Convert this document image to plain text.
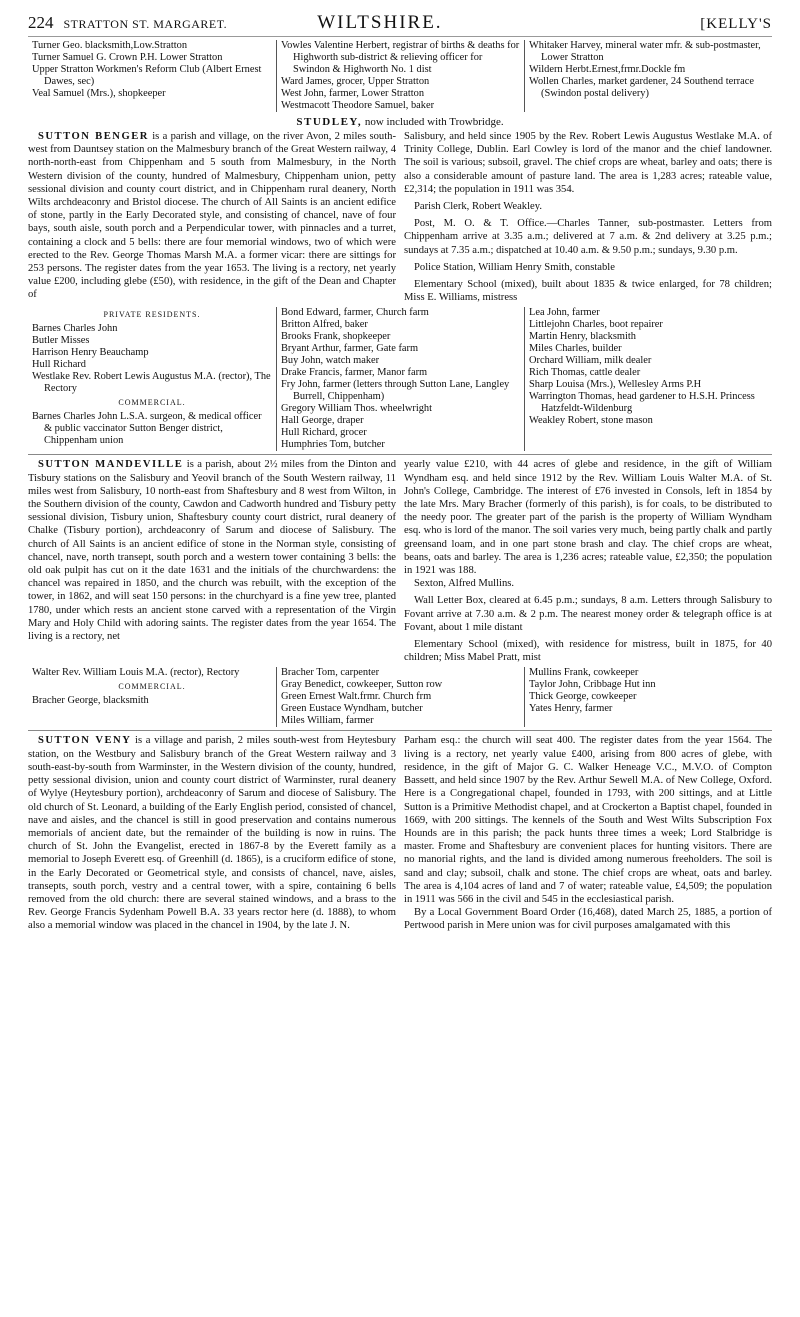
224 STRATTON ST. MARGARET.	WILTSHIRE.	[KELLY'S
Turner Geo. blacksmith,Low.Stratton
Turner Samuel G. Crown P.H. Lower Stratton
Upper Stratton Workmen's Reform Club (Albert Ernest Dawes, sec)
Veal Samuel (Mrs.), shopkeeper
Vowles Valentine Herbert, registrar of births & deaths for Highworth sub-district & relieving officer for Swindon & Highworth No. 1 dist
Ward James, grocer, Upper Stratton
West John, farmer, Lower Stratton
Westmacott Theodore Samuel, baker
Whitaker Harvey, mineral water mfr. & sub-postmaster, Lower Stratton
Wildern Herbt.Ernest,frmr.Dockle fm
Wollen Charles, market gardener, 24 Southend terrace (Swindon postal delivery)
STUDLEY, now included with Trowbridge.

SUTTON BENGER is a parish and village, on the river Avon, 2 miles south-west from Dauntsey station on the Malmesbury branch of the Great Western railway, 4 north-north-east from Chippenham and 5 south from Malmesbury, in the North Western division of the county, hundred of Malmesbury, Chippenham union, petty sessional division and county court district, and in Chippenham rural deanery, North Wilts archdeaconry and Bristol diocese. The church of All Saints is an ancient edifice of stone, partly in the Early Decorated style, and consisting of chancel, nave of four bays, south aisle, south porch and a Perpendicular tower, with pinnacles and a turret, containing a clock and 5 bells: there are four memorial windows, two of which were erected to the Rev. George Thomas Marsh M.A. a former vicar: there are sittings for 253 persons. The register dates from the year 1653. The living is a rectory, net yearly value £200, including glebe (£50), with residence, in the gift of the Dean and Chapter of

Salisbury, and held since 1905 by the Rev. Robert Lewis Augustus Westlake M.A. of Trinity College, Dublin. Earl Cowley is lord of the manor and the chief landowner. The soil is various; subsoil, gravel. The chief crops are wheat, barley and oats; there is also a considerable amount of pasture land. The area is 1,283 acres; rateable value, £2,314; the population in 1911 was 354.

Parish Clerk, Robert Weakley.

Post, M. O. & T. Office.—Charles Tanner, sub-postmaster. Letters from Chippenham arrive at 3.35 a.m.; delivered at 7 a.m. & 2nd delivery at 3.25 p.m.; sundays at 7.35 a.m.; dispatched at 10.40 a.m. & 9.50 p.m.; sundays, 9.30 p.m.

Police Station, William Henry Smith, constable

Elementary School (mixed), built about 1835 & twice enlarged, for 78 children; Miss E. Williams, mistress

PRIVATE RESIDENTS.
Barnes Charles John
Butler Misses
Harrison Henry Beauchamp
Hull Richard
Westlake Rev. Robert Lewis Augustus M.A. (rector), The Rectory
COMMERCIAL.
Barnes Charles John L.S.A. surgeon, & medical officer & public vaccinator Sutton Benger district, Chippenham union
Bond Edward, farmer, Church farm
Britton Alfred, baker
Brooks Frank, shopkeeper
Bryant Arthur, farmer, Gate farm
Buy John, watch maker
Drake Francis, farmer, Manor farm
Fry John, farmer (letters through Sutton Lane, Langley Burrell, Chippenham)
Gregory William Thos. wheelwright
Hall George, draper
Hull Richard, grocer
Humphries Tom, butcher
Lea John, farmer
Littlejohn Charles, boot repairer
Martin Henry, blacksmith
Miles Charles, builder
Orchard William, milk dealer
Rich Thomas, cattle dealer
Sharp Louisa (Mrs.), Wellesley Arms P.H
Warrington Thomas, head gardener to H.S.H. Princess Hatzfeldt-Wildenburg
Weakley Robert, stone mason

SUTTON MANDEVILLE is a parish, about 2½ miles from the Dinton and Tisbury stations on the Salisbury and Yeovil branch of the South Western railway, 11 miles west from Salisbury, 10 north-east from Shaftesbury and 8 west from Wilton, in the Southern division of the county, Cawdon and Cadworth hundred and Tisbury petty sessional division, Tisbury union, Shaftesbury county court district, rural deanery of Chalke (Tisbury portion), archdeaconry of Sarum and diocese of Salisbury. The church of All Saints is an ancient edifice of stone in the Norman style, consisting of chancel, nave, north transept, south porch and a western tower containing 3 bells: the old oak pulpit has cut on it the date 1631 and the initials of the churchwardens: the chancel was repaired in 1850, and the church was rebuilt, with the exception of the tower, in 1862, and will seat 150 persons: in the churchyard is a fine yew tree, planted 1780, under which rests an ancient stone carved with a representation of the Virgin Mary and Holy Child with adoring saints. The register dates from the year 1654. The living is a rectory, net

yearly value £210, with 44 acres of glebe and residence, in the gift of William Wyndham esq. and held since 1912 by the Rev. William Louis Walter M.A. of St. John's College, Cambridge. The interest of £76 invested in Consols, left in 1854 by the late Mrs. Mary Bracher (formerly of this parish), is for coals, to be distributed to the needy poor. The greater part of the parish is the property of William Wyndham esq. who is lord of the manor. The soil varies very much, being partly chalk and partly greensand loam, and in one part stone brash and clay. The chief crops are wheat, beans, oats and barley. The area is 1,236 acres; rateable value, £2,350; the population in 1921 was 188.

Sexton, Alfred Mullins.

Wall Letter Box, cleared at 6.45 p.m.; sundays, 8 a.m. Letters through Salisbury to Fovant arrive at 7.30 a.m. & 2 p.m. The nearest money order & telegraph office is at Fovant, about 1 mile distant

Elementary School (mixed), with residence for mistress, built in 1875, for 40 children; Miss Mabel Pratt, mist

Walter Rev. William Louis M.A. (rector), Rectory
COMMERCIAL.
Bracher George, blacksmith
Bracher Tom, carpenter
Gray Benedict, cowkeeper, Sutton row
Green Ernest Walt.frmr. Church frm
Green Eustace Wyndham, butcher
Miles William, farmer
Mullins Frank, cowkeeper
Taylor John, Cribbage Hut inn
Thick George, cowkeeper
Yates Henry, farmer

SUTTON VENY is a village and parish, 2 miles south-west from Heytesbury station, on the Westbury and Salisbury branch of the Great Western railway and 3 south-east-by-south from Warminster, in the Western division of the county, hundred, petty sessional division, union and county court district of Warminster, rural deanery of Wylye (Heytesbury portion), archdeaconry of Sarum and diocese of Salisbury. The old church of St. Leonard, a building of the Early English period, consisted of chancel, nave and aisles, and the chancel is still in good preservation and contains numerous memorials of ancient date, but the remainder of the building is now in ruins. The church of St. John the Evangelist, erected in 1867-8 by the Everett family as a memorial to Joseph Everett esq. of Greenhill (d. 1865), is a cruciform edifice of stone, in the Early Decorated or Geometrical style, and consists of chancel, nave, aisles, transepts, south porch, vestry and a central tower, with a spire, containing 6 bells removed from the old church: there are several stained windows, and a brass to the Rev. George Francis Sydenham Powell B.A. 33 years rector here (d. 1888), to whom also a memorial window was placed in the chancel in 1904, by the late J. N.

Parham esq.: the church will seat 400. The register dates from the year 1564. The living is a rectory, net yearly value £400, arising from 800 acres of glebe, with residence, in the gift of Major G. C. Walker Heneage V.C., M.V.O. of Compton Bassett, and held since 1907 by the Rev. Arthur Sewell M.A. of New College, Oxford. Here is a Congregational chapel, founded in 1793, with 200 sittings, and at Little Sutton is a Primitive Methodist chapel, and at Crockerton a Baptist chapel, founded in 1669, with 200 sittings. The kennels of the South and West Wilts Subscription Fox Hounds are in this parish; the pack hunts three times a week; Lord Stalbridge is master. Frome and Shaftesbury are convenient places for hunting visitors. There are no manorial rights, and the land is divided among numerous freeholders. The soil is sand and clay; subsoil, chalk and stone. The chief crops are wheat, oats and barley. The area is 4,104 acres of land and 7 of water; rateable value, £4,509; the population in 1911 was 566 in the civil and 545 in the ecclesiastical parish.

By a Local Government Board Order (16,468), dated March 25, 1885, a portion of Pertwood parish in Mere union was for civil purposes amalgamated with this
